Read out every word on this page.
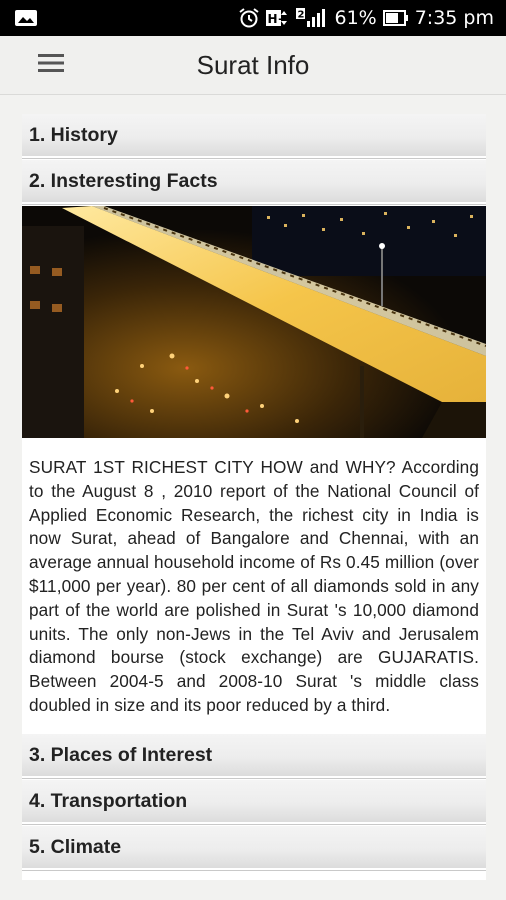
H+ 2 61% 7:35 pm
Surat Info
1. History
2. Insteresting Facts

SURAT 1ST RICHEST CITY HOW and WHY? According to the August 8 , 2010 report of the National Council of Applied Economic Research, the richest city in India is now Surat, ahead of Bangalore and Chennai, with an average annual household income of Rs 0.45 million (over $11,000 per year). 80 per cent of all diamonds sold in any part of the world are polished in Surat 's 10,000 diamond units. The only non-Jews in the Tel Aviv and Jerusalem diamond bourse (stock exchange) are GUJARATIS. Between 2004-5 and 2008-10 Surat 's middle class doubled in size and its poor reduced by a third.

3. Places of Interest
4. Transportation
5. Climate
